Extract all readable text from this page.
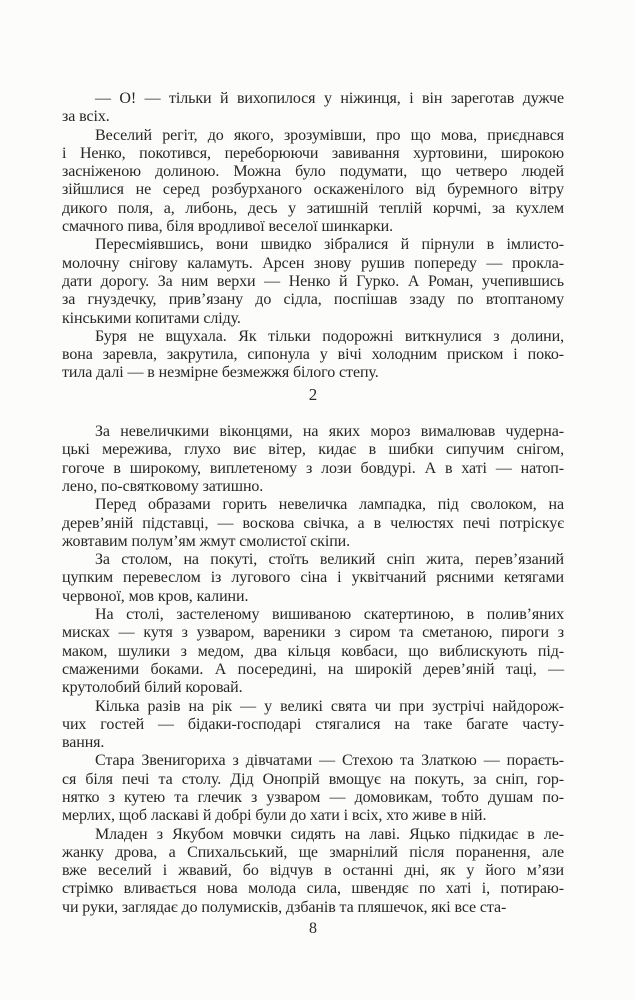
— О! — тільки й вихопилося у ніжинця, і він зареготав дужче
за всіх.
Веселий регіт, до якого, зрозумівши, про що мова, приєднався
і Ненко, покотився, переборюючи завивання хуртовини, широкою
засніженою долиною. Можна було подумати, що четверо людей
зійшлися не серед розбурханого оскаженілого від буремного вітру
дикого поля, а, либонь, десь у затишній теплій корчмі, за кухлем
смачного пива, біля вродливої веселої шинкарки.
Пересміявшись, вони швидко зібралися й пірнули в імлисто-
молочну снігову каламуть. Арсен знову рушив попереду — прокла-
дати дорогу. За ним верхи — Ненко й Гурко. А Роман, учепившись
за гнуздечку, прив’язану до сідла, поспішав ззаду по втоптаному
кінськими копитами сліду.
Буря не вщухала. Як тільки подорожні виткнулися з долини,
вона заревла, закрутила, сипонула у вічі холодним приском і поко-
тила далі — в незмірне безмежжя білого степу.
2
За невеличкими віконцями, на яких мороз вималював чудерна-
цькі мережива, глухо виє вітер, кидає в шибки сипучим снігом,
гогоче в широкому, виплетеному з лози бовдурі. А в хаті — натоп-
лено, по-святковому затишно.
Перед образами горить невеличка лампадка, під сволоком, на
дерев’яній підставці, — воскова свічка, а в челюстях печі потріскує
жовтавим полум’ям жмут смолистої скіпи.
За столом, на покуті, стоїть великий сніп жита, перев’язаний
цупким перевеслом із лугового сіна і уквітчаний рясними кетягами
червоної, мов кров, калини.
На столі, застеленому вишиваною скатертиною, в полив’яних
мисках — кутя з узваром, вареники з сиром та сметаною, пироги з
маком, шулики з медом, два кільця ковбаси, що виблискують під-
смаженими боками. А посередині, на широкій дерев’яній таці, —
крутолобий білий коровай.
Кілька разів на рік — у великі свята чи при зустрічі найдорож-
чих гостей — бідаки-господарі стягалися на таке багате часту-
вання.
Стара Звенигориха з дівчатами — Стехою та Златкою — пораєть-
ся біля печі та столу. Дід Онопрій вмощує на покуть, за сніп, гор-
нятко з кутею та глечик з узваром — домовикам, тобто душам по-
мерлих, щоб ласкаві й добрі були до хати і всіх, хто живе в ній.
Младен з Якубом мовчки сидять на лаві. Яцько підкидає в ле-
жанку дрова, а Спихальський, ще змарнілий після поранення, але
вже веселий і жвавий, бо відчув в останні дні, як у його м’язи
стрімко вливається нова молода сила, швендяє по хаті і, потираю-
чи руки, заглядає до полумисків, дзбанів та пляшечок, які все ста-
8
